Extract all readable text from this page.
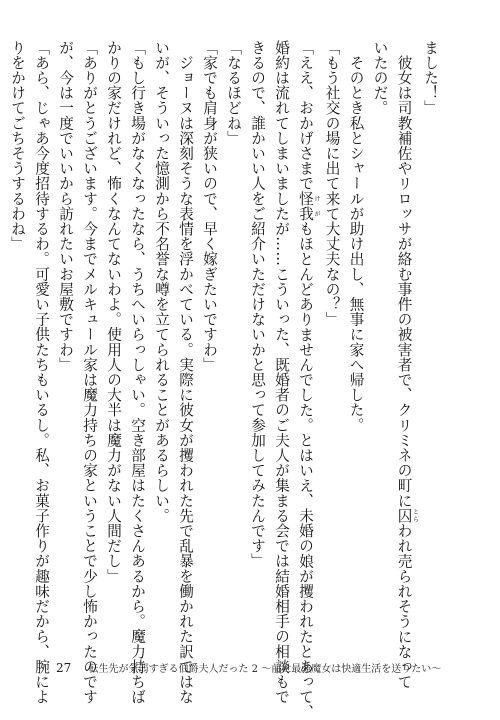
ました！」

　彼女は司教補佐やリロッサが絡む事件の被害者で、クリミネの町に囚 とらわれ売られそうになって

いたのだ。

　そのとき私とシャールが助け出し、無事に家へ帰した。

「もう社交の場に出て来て大丈夫なの？」

「ええ、おかげさまで怪我 けがもほとんどありませんでした。とはいえ、未婚の娘が攫われたとあって、

婚約は流れてしまいましたが……こういった、既婚者のご夫人が集まる会では結婚相手の相談もで

きるので、誰かいい人をご紹介いただけないかと思って参加してみたんです」

「なるほどね」

「家でも肩身が狭いので、早く嫁ぎたいですわ」

　ジョーヌは深刻そうな表情を浮かべている。実際に彼女が攫われた先で乱暴を働かれた訳ではな

いが、そういった憶測から不名誉な噂を立てられることがあるらしい。

「もし行き場がなくなったなら、うちへいらっしゃい。空き部屋はたくさんあるから。魔力持ちば

かりの家だけれど、怖くなんてないわよ。使用人の大半は魔力がない人間だし」

「ありがとうございます。今までメルキュール家は魔力持ちの家ということで少し怖かったのです

が、今は一度でいいから訪れたいお屋敷ですわ」

「あら、じゃあ今度招待するわ。可愛い子供たちもいるし。私、お菓子作りが趣味だから、腕によ

りをかけてごちそうするわね」

27 転生先が気弱すぎる伯爵夫人だった 2 〜前世最強魔女は快適生活を送りたい〜
